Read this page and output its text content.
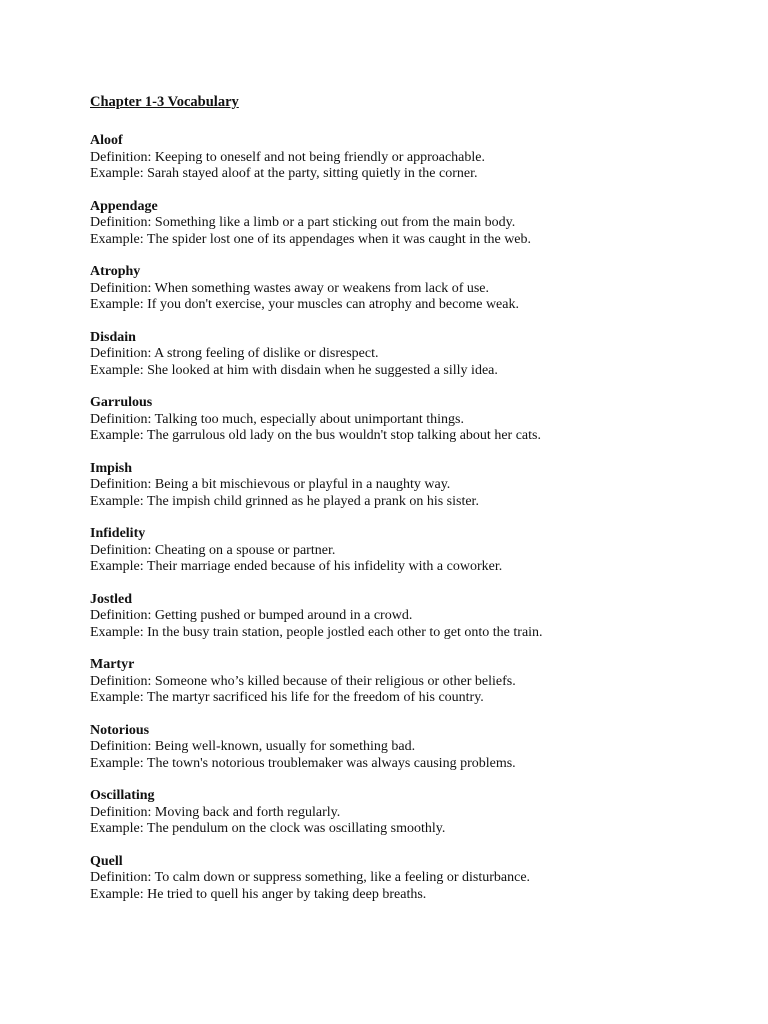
Chapter 1-3 Vocabulary
Aloof
Definition: Keeping to oneself and not being friendly or approachable.
Example: Sarah stayed aloof at the party, sitting quietly in the corner.
Appendage
Definition: Something like a limb or a part sticking out from the main body.
Example: The spider lost one of its appendages when it was caught in the web.
Atrophy
Definition: When something wastes away or weakens from lack of use.
Example: If you don't exercise, your muscles can atrophy and become weak.
Disdain
Definition: A strong feeling of dislike or disrespect.
Example: She looked at him with disdain when he suggested a silly idea.
Garrulous
Definition: Talking too much, especially about unimportant things.
Example: The garrulous old lady on the bus wouldn't stop talking about her cats.
Impish
Definition: Being a bit mischievous or playful in a naughty way.
Example: The impish child grinned as he played a prank on his sister.
Infidelity
Definition: Cheating on a spouse or partner.
Example: Their marriage ended because of his infidelity with a coworker.
Jostled
Definition: Getting pushed or bumped around in a crowd.
Example: In the busy train station, people jostled each other to get onto the train.
Martyr
Definition: Someone who’s killed because of their religious or other beliefs.
Example: The martyr sacrificed his life for the freedom of his country.
Notorious
Definition: Being well-known, usually for something bad.
Example: The town's notorious troublemaker was always causing problems.
Oscillating
Definition: Moving back and forth regularly.
Example: The pendulum on the clock was oscillating smoothly.
Quell
Definition: To calm down or suppress something, like a feeling or disturbance.
Example: He tried to quell his anger by taking deep breaths.
